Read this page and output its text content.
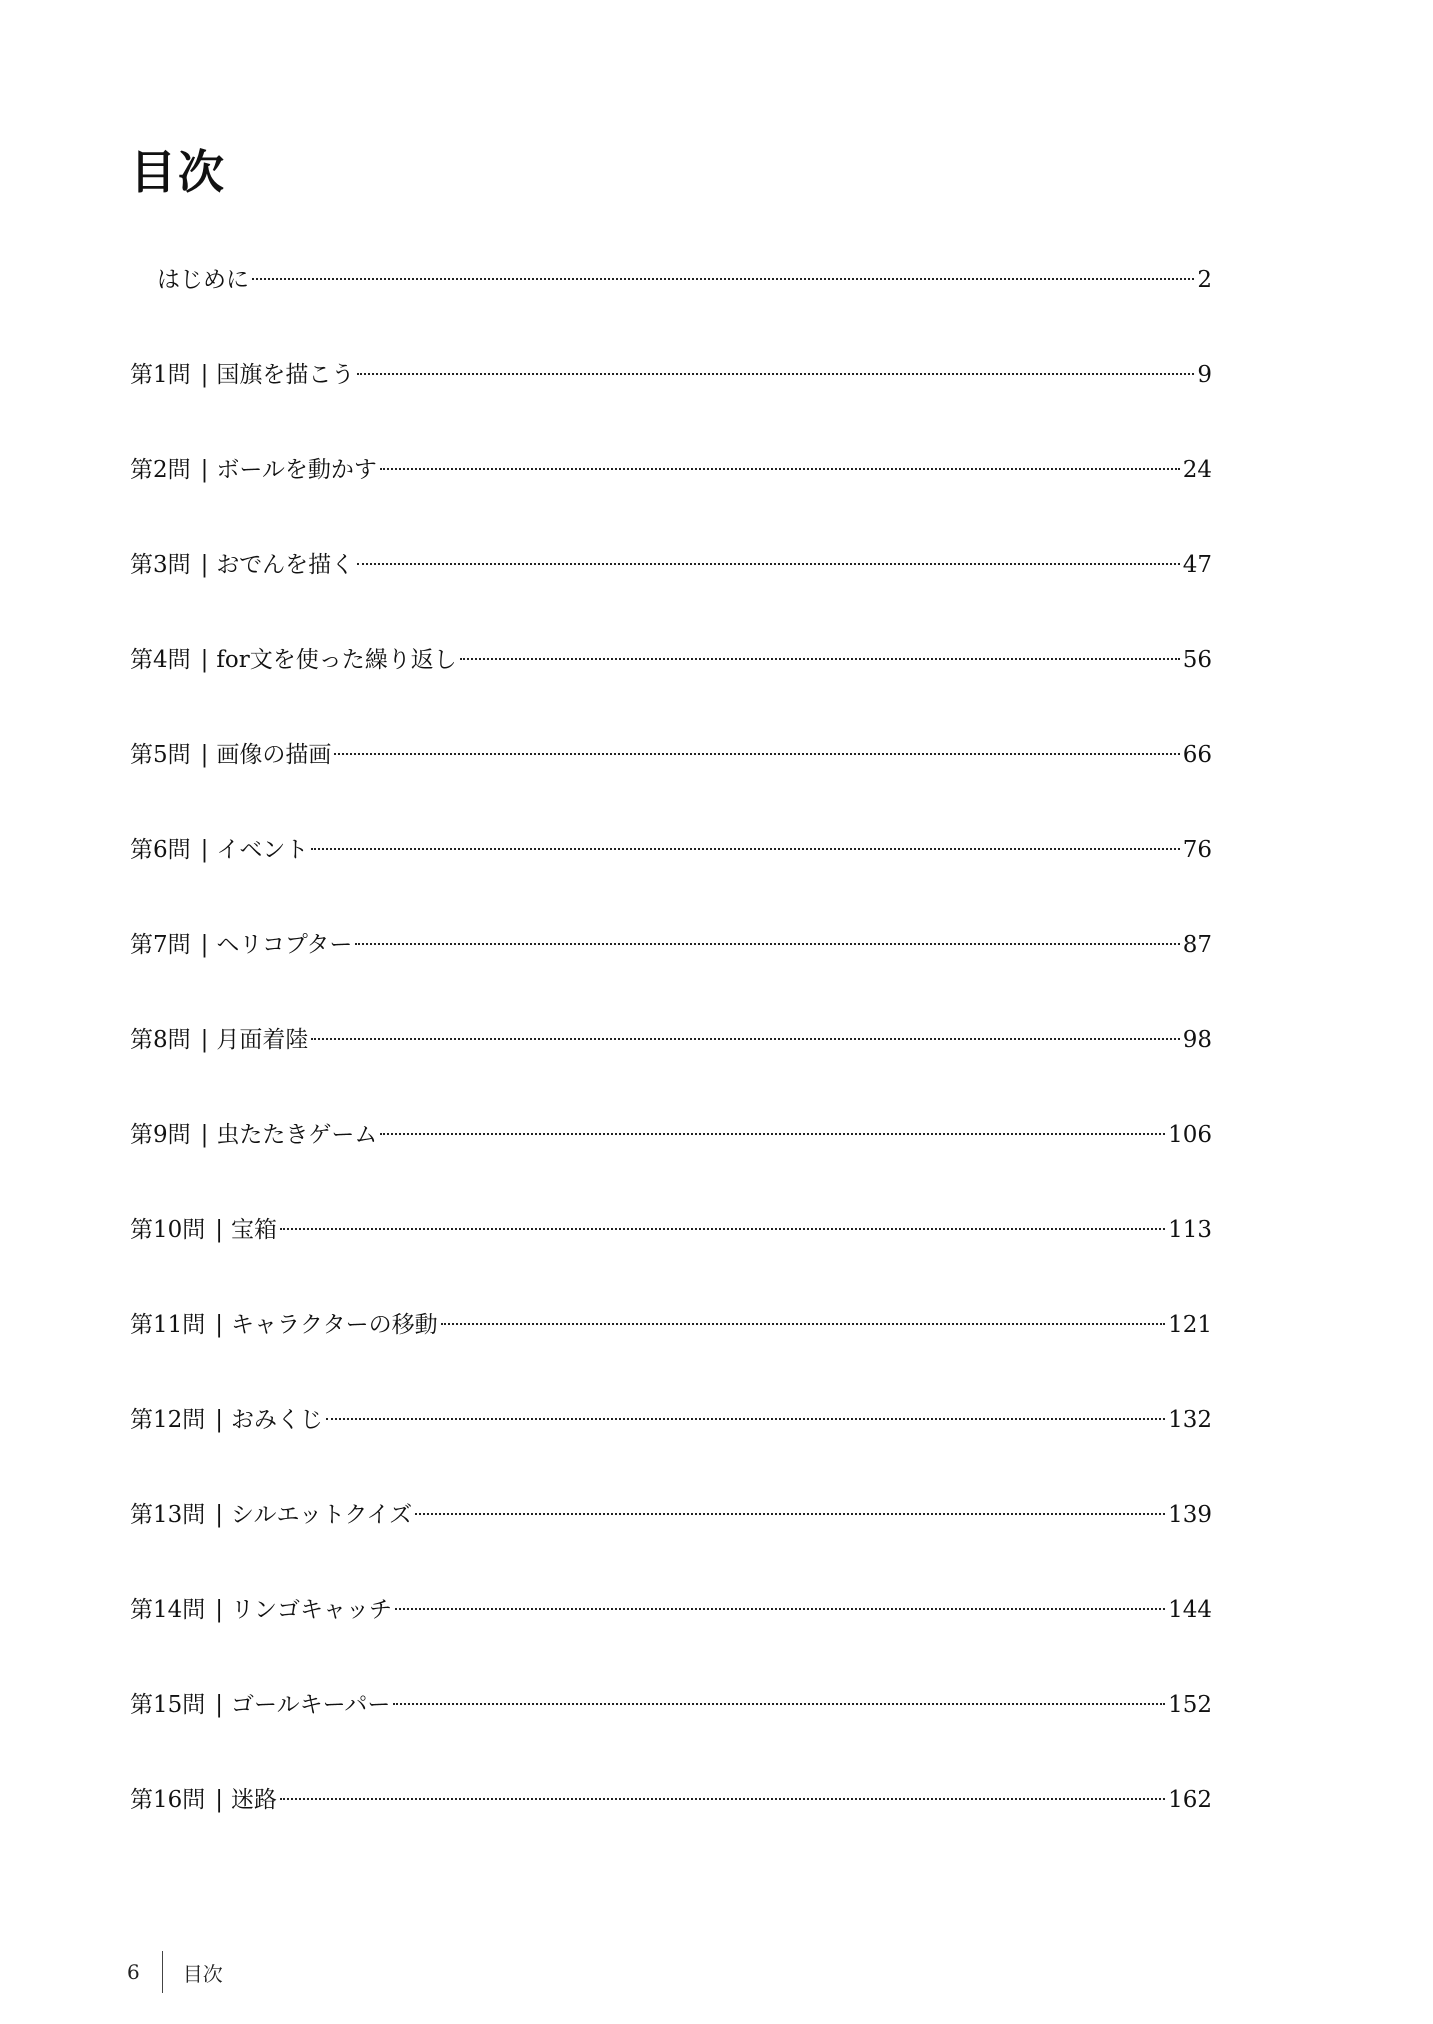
目次
はじめに	2
第1問 | 国旗を描こう	9
第2問 | ボールを動かす	24
第3問 | おでんを描く	47
第4問 | for文を使った繰り返し	56
第5問 | 画像の描画	66
第6問 | イベント	76
第7問 | ヘリコプター	87
第8問 | 月面着陸	98
第9問 | 虫たたきゲーム	106
第10問 | 宝箱	113
第11問 | キャラクターの移動	121
第12問 | おみくじ	132
第13問 | シルエットクイズ	139
第14問 | リンゴキャッチ	144
第15問 | ゴールキーパー	152
第16問 | 迷路	162
6 目次
